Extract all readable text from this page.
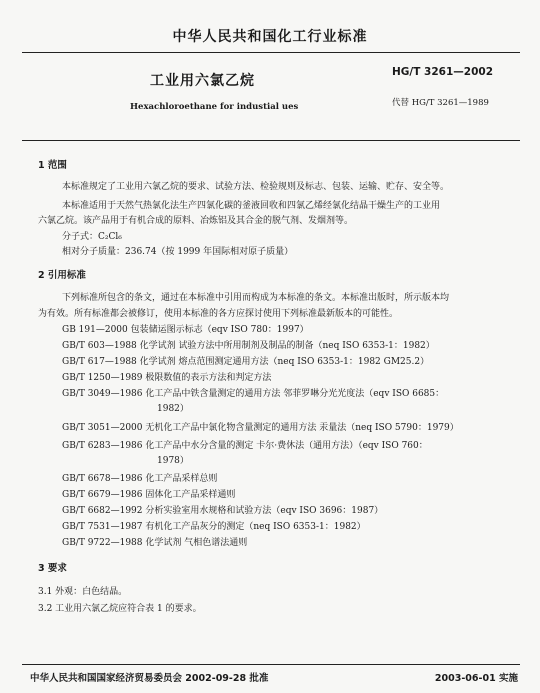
中华人民共和国化工行业标准
HG/T 3261—2002
工业用六氯乙烷
Hexachloroethane for industial ues	代替 HG/T 3261—1989
1 范围
本标准规定了工业用六氯乙烷的要求、试验方法、检验规则及标志、包装、运输、贮存、安全等。
本标准适用于天然气热氯化法生产四氯化碳的釜液回收和四氯乙烯经氯化结晶干燥生产的工业用
六氯乙烷。该产品用于有机合成的原料、冶炼铝及其合金的脱气剂、发烟剂等。
分子式：C₂Cl₆
相对分子质量：236.74（按 1999 年国际相对原子质量）
2 引用标准
下列标准所包含的条文，通过在本标准中引用而构成为本标准的条文。本标准出版时，所示版本均
为有效。所有标准都会被修订，使用本标准的各方应探讨使用下列标准最新版本的可能性。
GB 191—2000 包装储运图示标志（eqv ISO 780：1997）
GB/T 603—1988 化学试剂 试验方法中所用制剂及制品的制备（neq ISO 6353-1：1982）
GB/T 617—1988 化学试剂 熔点范围测定通用方法（neq ISO 6353-1：1982 GM25.2）
GB/T 1250—1989 极限数值的表示方法和判定方法
GB/T 3049—1986 化工产品中铁含量测定的通用方法 邻菲罗啉分光光度法（eqv ISO 6685：
1982）
GB/T 3051—2000 无机化工产品中氯化物含量测定的通用方法 汞量法（neq ISO 5790：1979）
GB/T 6283—1986 化工产品中水分含量的测定 卡尔·费休法（通用方法）（eqv ISO 760：
1978）
GB/T 6678—1986 化工产品采样总则
GB/T 6679—1986 固体化工产品采样通则
GB/T 6682—1992 分析实验室用水规格和试验方法（eqv ISO 3696：1987）
GB/T 7531—1987 有机化工产品灰分的测定（neq ISO 6353-1：1982）
GB/T 9722—1988 化学试剂 气相色谱法通则
3 要求
3.1 外观：白色结晶。
3.2 工业用六氯乙烷应符合表 1 的要求。
中华人民共和国国家经济贸易委员会 2002-09-28 批准	2003-06-01 实施
